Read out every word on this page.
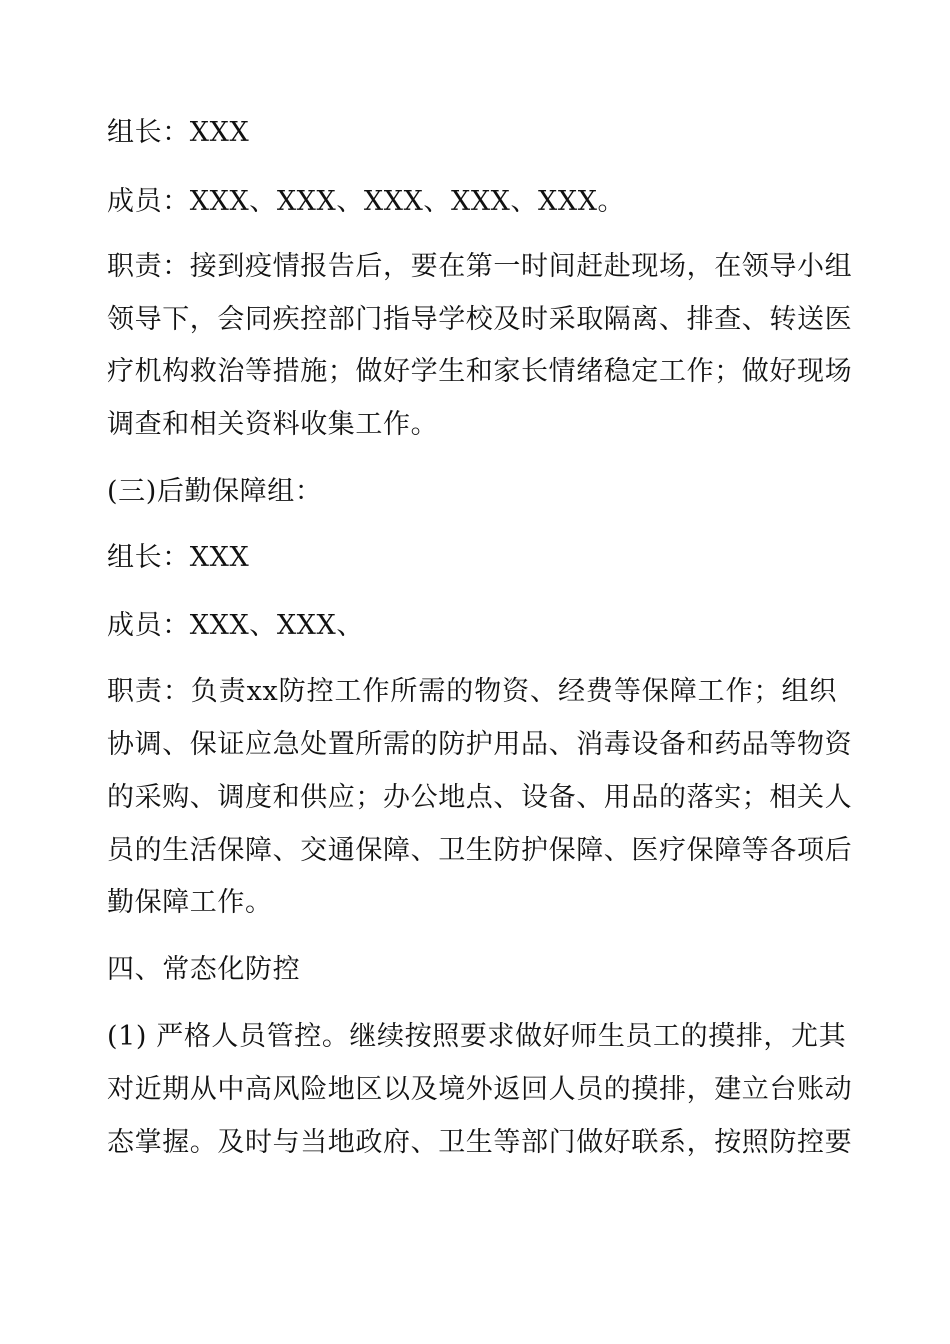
组长：XXX
成员：XXX、XXX、XXX、XXX、XXX。
职责：接到疫情报告后，要在第一时间赶赴现场，在领导小组
领导下，会同疾控部门指导学校及时采取隔离、排查、转送医
疗机构救治等措施；做好学生和家长情绪稳定工作；做好现场
调查和相关资料收集工作。
(三)后勤保障组：
组长：XXX
成员：XXX、XXX、
职责：负责xx防控工作所需的物资、经费等保障工作；组织
协调、保证应急处置所需的防护用品、消毒设备和药品等物资
的采购、调度和供应；办公地点、设备、用品的落实；相关人
员的生活保障、交通保障、卫生防护保障、医疗保障等各项后
勤保障工作。
四、常态化防控
(1) 严格人员管控。继续按照要求做好师生员工的摸排，尤其
对近期从中高风险地区以及境外返回人员的摸排，建立台账动
态掌握。及时与当地政府、卫生等部门做好联系，按照防控要
